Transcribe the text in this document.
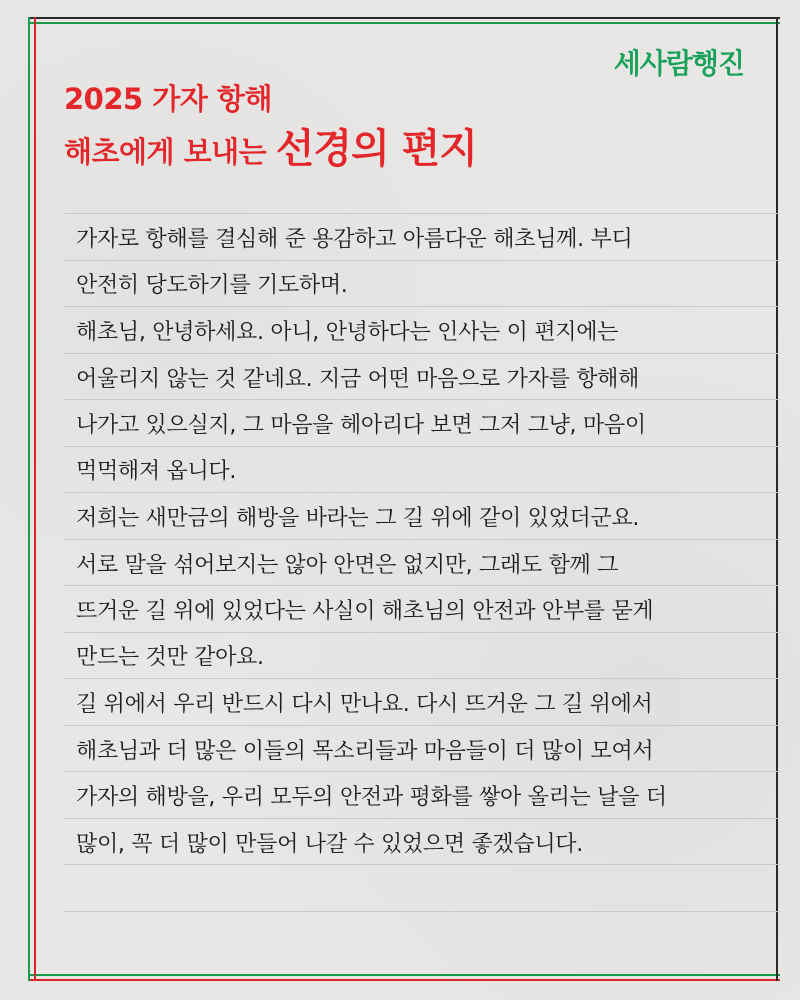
세사람행진
2025 가자 항해
해초에게 보내는 선경의 편지
가자로 항해를 결심해 준 용감하고 아름다운 해초님께. 부디
안전히 당도하기를 기도하며.
해초님, 안녕하세요. 아니, 안녕하다는 인사는 이 편지에는
어울리지 않는 것 같네요. 지금 어떤 마음으로 가자를 항해해
나가고 있으실지, 그 마음을 헤아리다 보면 그저 그냥, 마음이
먹먹해져 옵니다.
저희는 새만금의 해방을 바라는 그 길 위에 같이 있었더군요.
서로 말을 섞어보지는 않아 안면은 없지만, 그래도 함께 그
뜨거운 길 위에 있었다는 사실이 해초님의 안전과 안부를 묻게
만드는 것만 같아요.
길 위에서 우리 반드시 다시 만나요. 다시 뜨거운 그 길 위에서
해초님과 더 많은 이들의 목소리들과 마음들이 더 많이 모여서
가자의 해방을, 우리 모두의 안전과 평화를 쌓아 올리는 날을 더
많이, 꼭 더 많이 만들어 나갈 수 있었으면 좋겠습니다.
